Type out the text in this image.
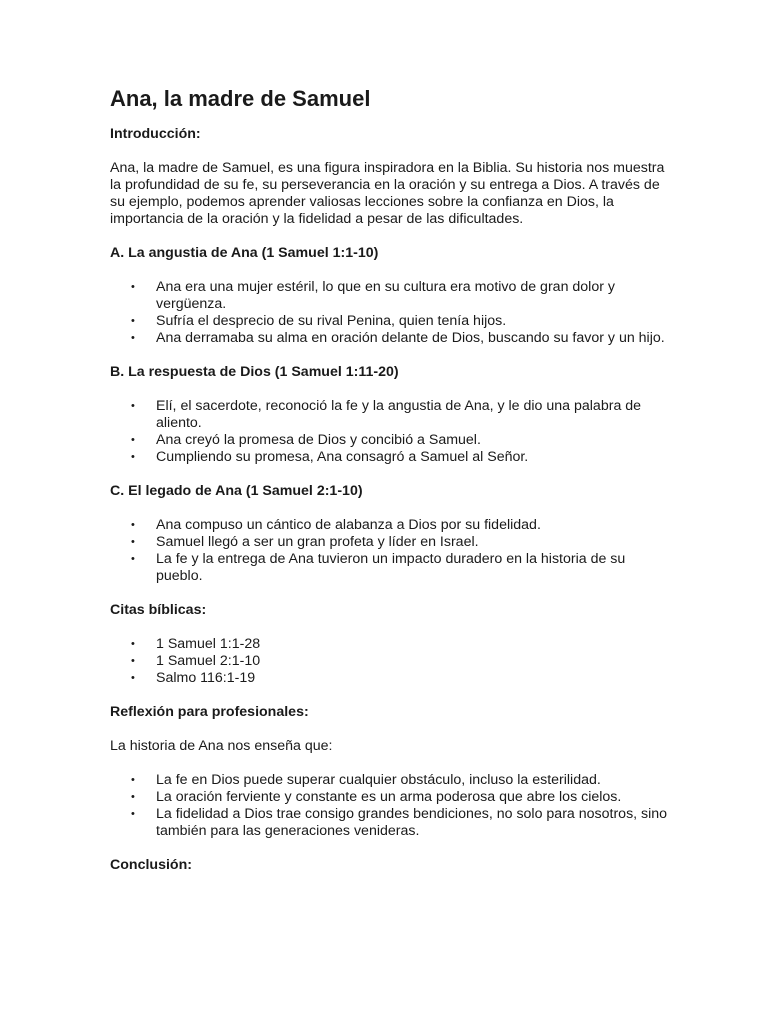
Ana, la madre de Samuel
Introducción:
Ana, la madre de Samuel, es una figura inspiradora en la Biblia. Su historia nos muestra la profundidad de su fe, su perseverancia en la oración y su entrega a Dios. A través de su ejemplo, podemos aprender valiosas lecciones sobre la confianza en Dios, la importancia de la oración y la fidelidad a pesar de las dificultades.
A. La angustia de Ana (1 Samuel 1:1-10)
• Ana era una mujer estéril, lo que en su cultura era motivo de gran dolor y vergüenza.
• Sufría el desprecio de su rival Penina, quien tenía hijos.
• Ana derramaba su alma en oración delante de Dios, buscando su favor y un hijo.
B. La respuesta de Dios (1 Samuel 1:11-20)
• Elí, el sacerdote, reconoció la fe y la angustia de Ana, y le dio una palabra de aliento.
• Ana creyó la promesa de Dios y concibió a Samuel.
• Cumpliendo su promesa, Ana consagró a Samuel al Señor.
C. El legado de Ana (1 Samuel 2:1-10)
• Ana compuso un cántico de alabanza a Dios por su fidelidad.
• Samuel llegó a ser un gran profeta y líder en Israel.
• La fe y la entrega de Ana tuvieron un impacto duradero en la historia de su pueblo.
Citas bíblicas:
• 1 Samuel 1:1-28
• 1 Samuel 2:1-10
• Salmo 116:1-19
Reflexión para profesionales:
La historia de Ana nos enseña que:
• La fe en Dios puede superar cualquier obstáculo, incluso la esterilidad.
• La oración ferviente y constante es un arma poderosa que abre los cielos.
• La fidelidad a Dios trae consigo grandes bendiciones, no solo para nosotros, sino también para las generaciones venideras.
Conclusión:
